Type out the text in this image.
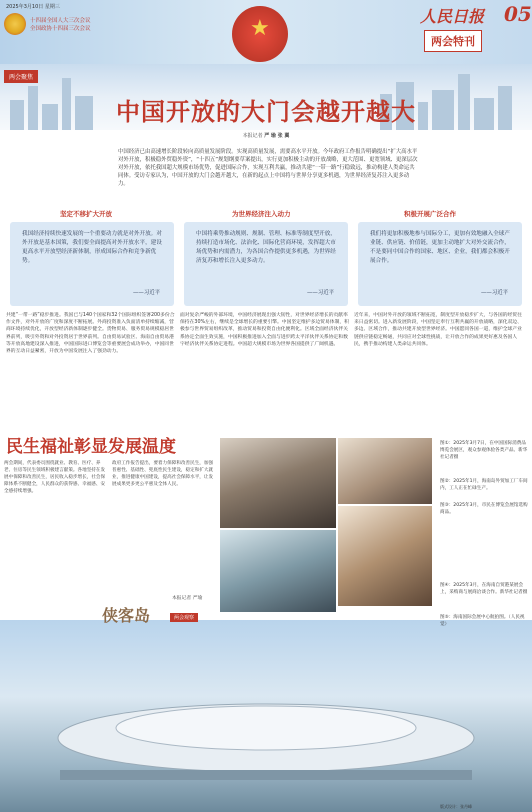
2025年3月10日 星期三
十四届全国人大三次会议
全国政协十四届三次会议	★	人民日报 05
两会特刊
两会聚焦
中国开放的大门会越开越大
本报记者 严 瑜 张 翼
中国经济已由高速增长阶段转向高质量发展阶段。实现高质量发展，需要高水平开放。今年政府工作报告明确提出“扩大高水平对外开放，积极稳外贸稳外资”，“十四五”规划纲要草案提出，实行更加积极主动的开放战略，更大范围、更宽领域、更深层次对外开放，依托我国超大规模市场优势，促进国际合作，实现互利共赢，推动共建“一带一路”行稳致远，推动构建人类命运共同体。受访专家认为，中国开放的大门会越开越大，在新的起点上中国将与世界分享更多机遇，为世界经济复苏注入更多动力。
坚定不移扩大开放	为世界经济注入动力	积极开展广泛合作
我国经济持续快速发展的一个重要动力就是对外开放。对外开放是基本国策，我们要全面提高对外开放水平，建设更高水平开放型经济新体制，形成国际合作和竞争新优势。
——习近平
中国将乘势推动规则、规制、管理、标准等制度型开放，持续打造市场化、法治化、国际化营商环境，发挥超大市场优势和内需潜力，为各国合作提供更多机遇，为世界经济复苏和增长注入更多动力。
——习近平
我们将更加积极地参与国际分工，更加有效地融入全球产业链、供应链、价值链，更加主动地扩大对外交流合作，不是要同中国合作的国家、地区、企业，我们都会积极开展合作。
——习近平
共建“一带一路”稳步推进。我国已与140个国家和32个国际组织签署200多份合作文件，对外开放的广度和深度不断拓展。外商投资准入负面清单持续缩减，营商环境持续优化，开放型经济新体制逐步健全。货物贸易、服务贸易规模稳居世界前列，吸引外资和对外投资居于世界前列。自由贸易试验区、海南自由贸易港等开放高地建设深入推进，中国国际进口博览会等重要展会成功举办，中国同世界的互动日益紧密，开放为中国发展注入了强劲动力。
面对复杂严峻的外部环境，中国经济展现出强大韧性，对世界经济增长的贡献率保持在30%左右，继续是全球增长的重要引擎。中国坚定维护多边贸易体制，积极参与世界贸易组织改革，推动贸易和投资自由化便利化。区域全面经济伙伴关系协定全面生效实施，中国积极推进加入全面与进步跨太平洋伙伴关系协定和数字经济伙伴关系协定进程。中国超大规模市场为世界各国提供了广阔机遇。
近年来，中国对外开放的领域不断拓宽，制度型开放稳步扩大，与各国的经贸往来日益密切。进入新发展阶段，中国坚定奉行互利共赢的开放战略，深化双边、多边、区域合作，推动共建开放型世界经济。中国愿同各国一道，维护全球产业链供应链稳定畅通，共同应对全球性挑战，让开放合作的成果更好惠及各国人民，携手推动构建人类命运共同体。
民生福祉彰显发展温度
两会期间，代表委员围绕就业、教育、医疗、养老、住房等民生领域积极建言献策。各地坚持在发展中保障和改善民生，居民收入稳步增长，社会保障体系不断健全，人民群众的获得感、幸福感、安全感持续增强。
政府工作报告提出，要着力保障和改善民生，加强普惠性、基础性、兜底性民生建设，稳定和扩大就业，推进健康中国建设，提高社会保障水平，让发展成果更多更公平惠及全体人民。
本报记者 严瑜
图①：2025年3月7日，在中国国际消费品博览会展区，观众参观体验各类产品。新华社记者摄
图②：2025年1月，海南岛外贸加工厂车间内，工人正在忙碌生产。
图③：2025年3月，市民在博览会展馆选购商品。
图④：2025年3月，在海南自贸港某展会上，采购商与展商洽谈合作。新华社记者摄
图⑤：海南国际会展中心航拍图。（人民视觉）
版式设计：张丹峰
侠客岛	两会观察
